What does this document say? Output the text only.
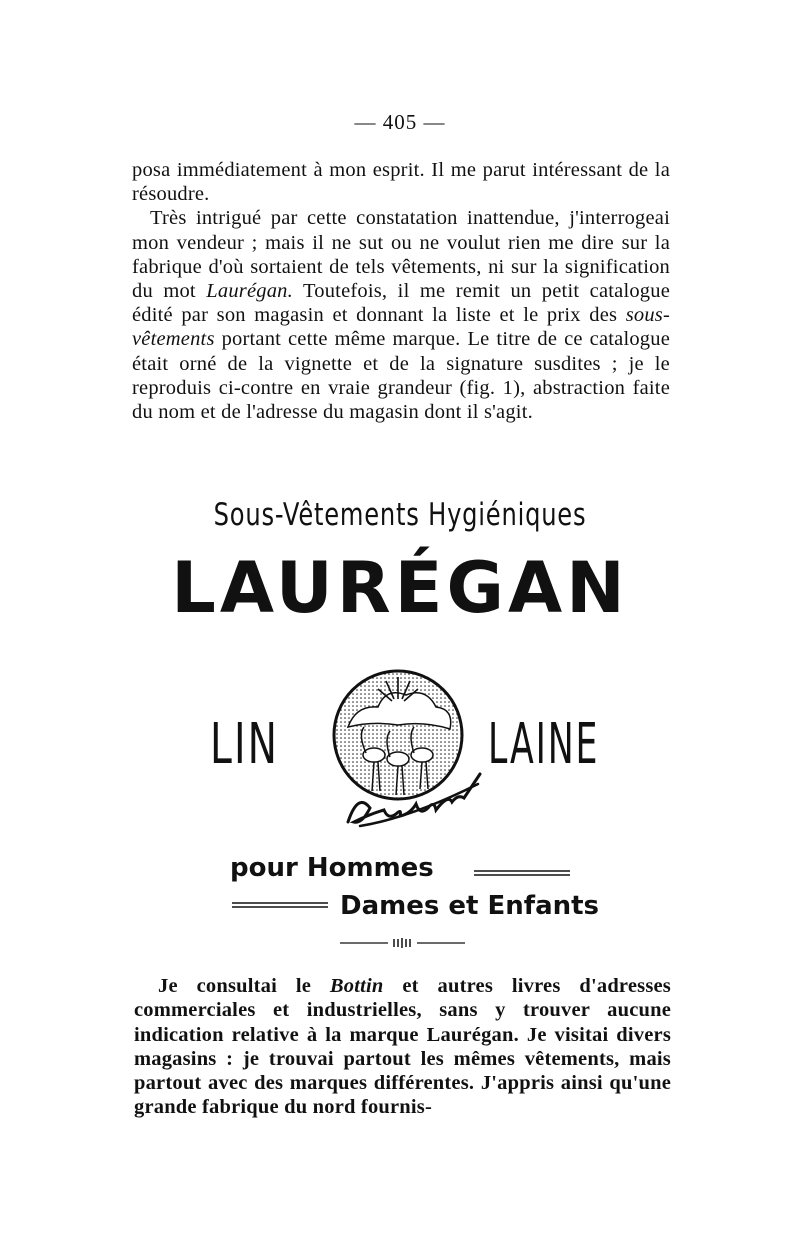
— 405 —

posa immédiatement à mon esprit. Il me parut intéressant de la résoudre.

Très intrigué par cette constatation inattendue, j'interrogeai mon vendeur ; mais il ne sut ou ne voulut rien me dire sur la fabrique d'où sortaient de tels vêtements, ni sur la signification du mot Laurégan. Toutefois, il me remit un petit catalogue édité par son magasin et donnant la liste et le prix des sous-vêtements portant cette même marque. Le titre de ce catalogue était orné de la vignette et de la signature susdites ; je le reproduis ci-contre en vraie grandeur (fig. 1), abstraction faite du nom et de l'adresse du magasin dont il s'agit.

Sous-Vêtements Hygiéniques
LAURÉGAN
LIN	LAINE
pour Hommes
Dames et Enfants

Je consultai le Bottin et autres livres d'adresses commerciales et industrielles, sans y trouver aucune indication relative à la marque Laurégan. Je visitai divers magasins : je trouvai partout les mêmes vêtements, mais partout avec des marques différentes. J'appris ainsi qu'une grande fabrique du nord fournis-
